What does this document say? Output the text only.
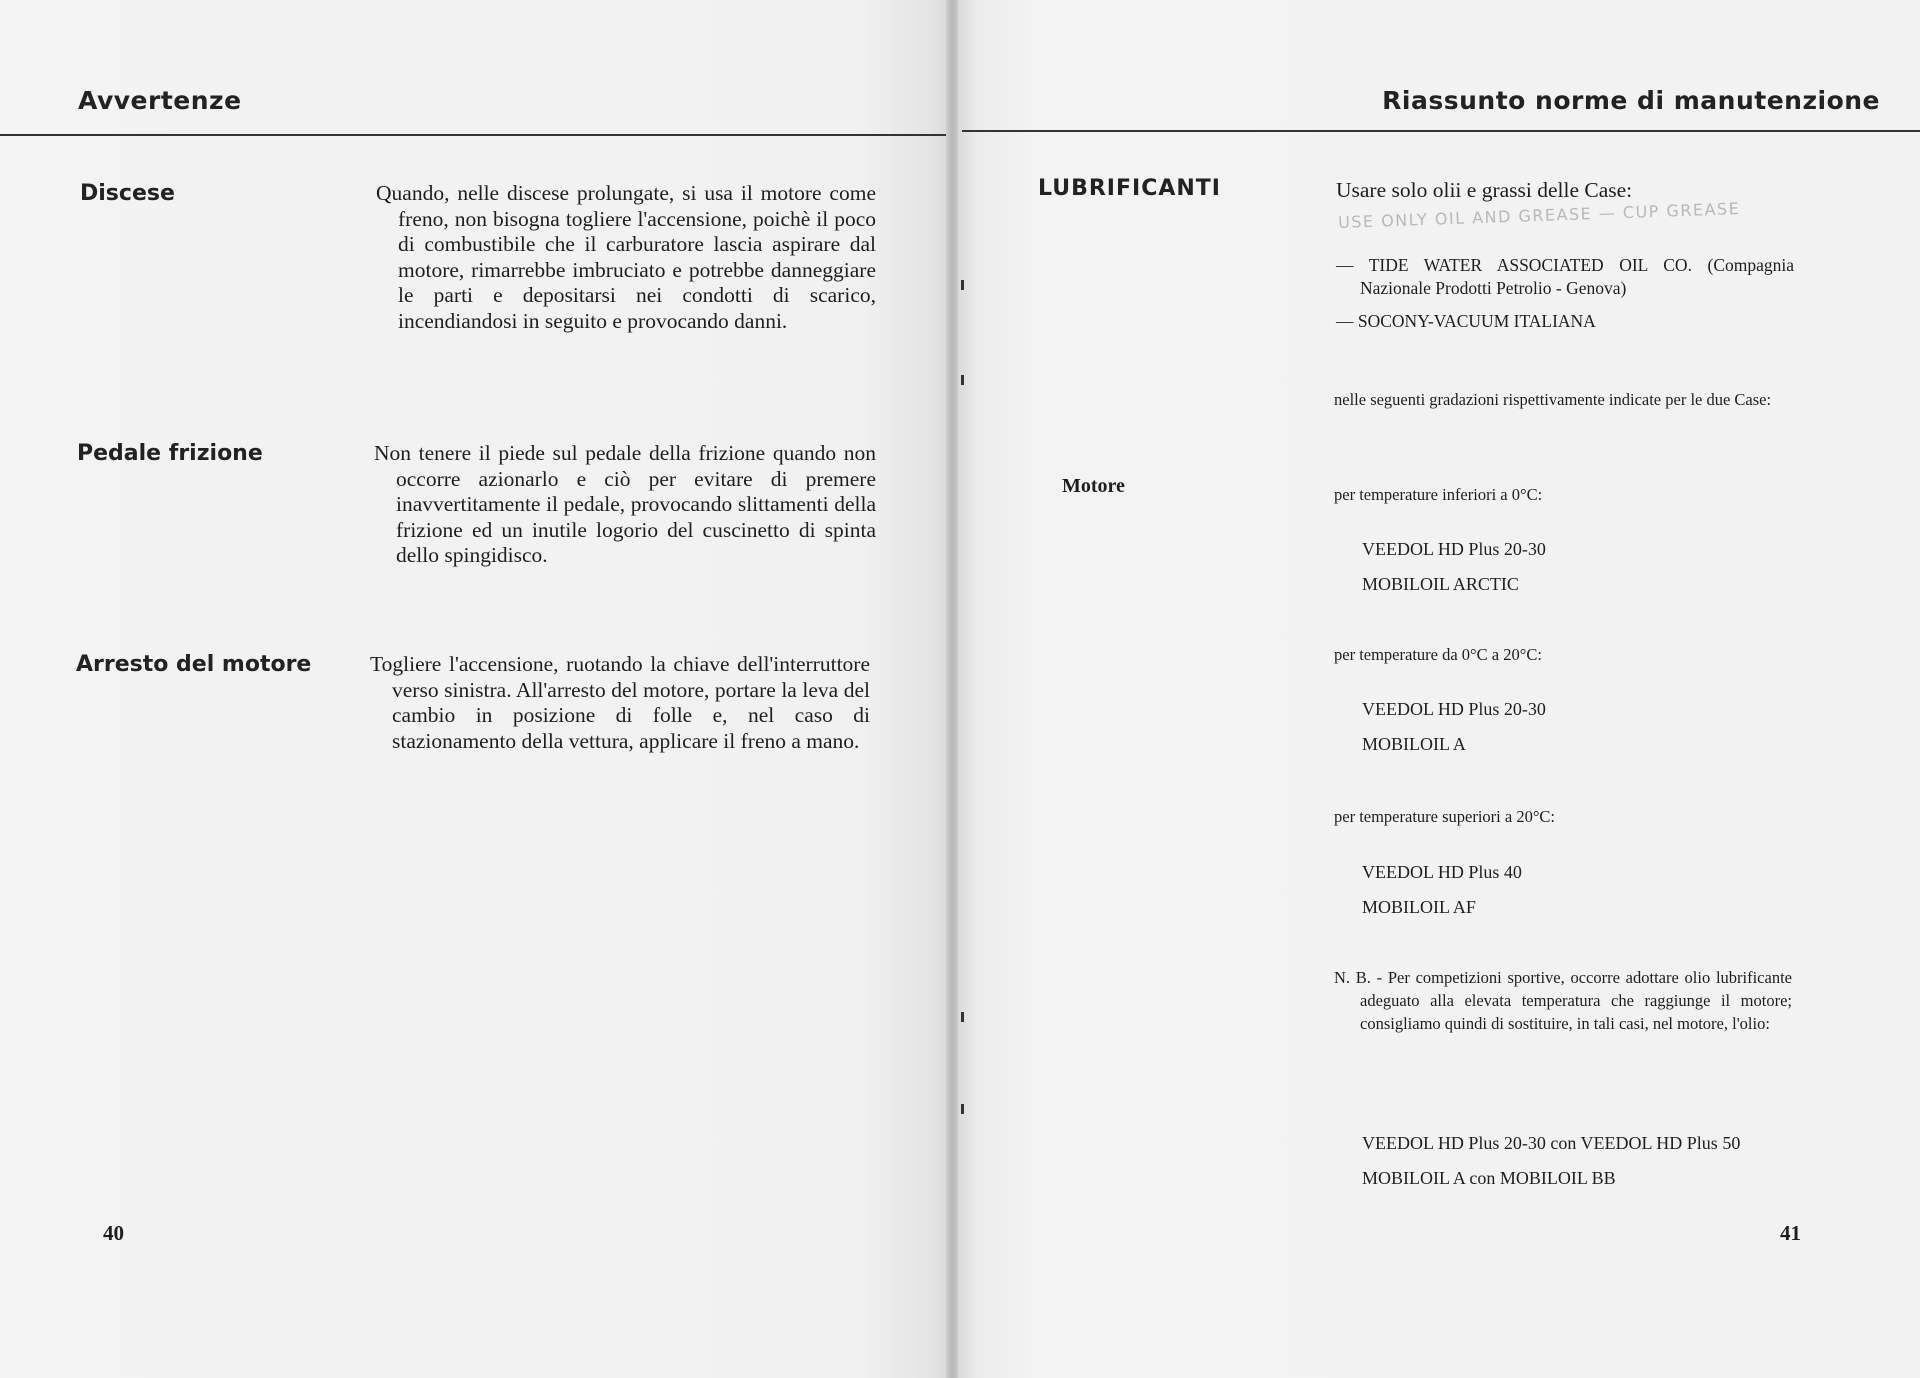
Avvertenze
Discese	Quando, nelle discese prolungate, si usa il motore come freno, non bisogna togliere l'accensione, poichè il poco di combustibile che il carburatore lascia aspirare dal motore, rimarrebbe imbruciato e potrebbe danneggiare le parti e depositarsi nei condotti di scarico, incendiandosi in seguito e provocando danni.
Pedale frizione	Non tenere il piede sul pedale della frizione quando non occorre azionarlo e ciò per evitare di premere inavvertitamente il pedale, provocando slittamenti della frizione ed un inutile logorio del cuscinetto di spinta dello spingidisco.
Arresto del motore	Togliere l'accensione, ruotando la chiave dell'interruttore verso sinistra. All'arresto del motore, portare la leva del cambio in posizione di folle e, nel caso di stazionamento della vettura, applicare il freno a mano.
40
Riassunto norme di manutenzione
LUBRIFICANTI	Usare solo olii e grassi delle Case:
USE ONLY OIL AND GREASE — CUP GREASE
— TIDE WATER ASSOCIATED OIL CO. (Compagnia Nazionale Prodotti Petrolio - Genova)
— SOCONY-VACUUM ITALIANA
nelle seguenti gradazioni rispettivamente indicate per le due Case:
Motore	per temperature inferiori a 0°C:
VEEDOL HD Plus 20-30
MOBILOIL ARCTIC
per temperature da 0°C a 20°C:
VEEDOL HD Plus 20-30
MOBILOIL A
per temperature superiori a 20°C:
VEEDOL HD Plus 40
MOBILOIL AF
N. B. - Per competizioni sportive, occorre adottare olio lubrificante adeguato alla elevata temperatura che raggiunge il motore; consigliamo quindi di sostituire, in tali casi, nel motore, l'olio:
VEEDOL HD Plus 20-30 con VEEDOL HD Plus 50
MOBILOIL A con MOBILOIL BB
41
